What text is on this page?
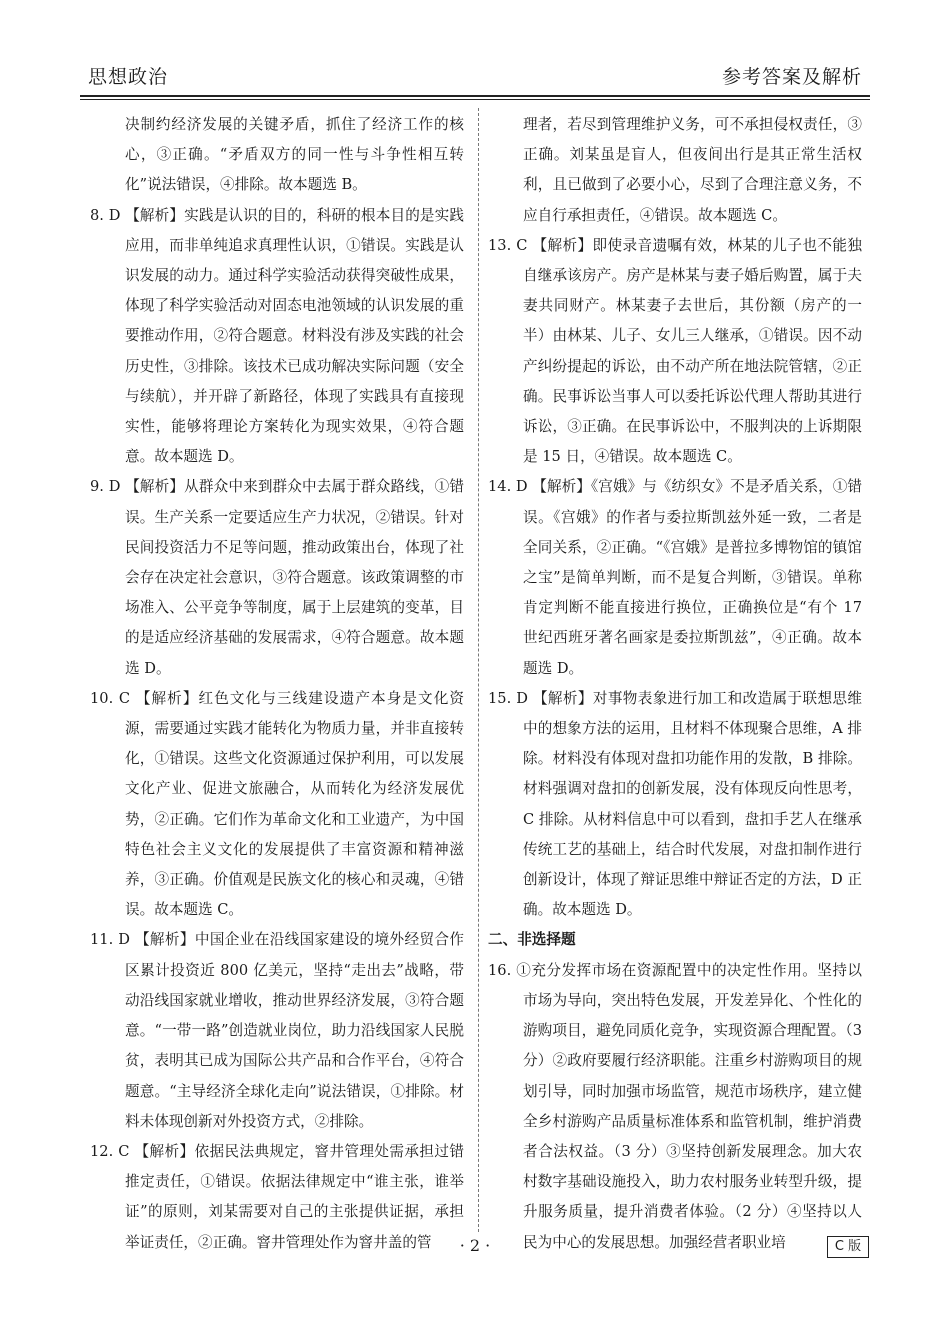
思想政治	参考答案及解析

决制约经济发展的关键矛盾，抓住了经济工作的核心，③正确。“矛盾双方的同一性与斗争性相互转化”说法错误，④排除。故本题选 B。

8. D 【解析】实践是认识的目的，科研的根本目的是实践应用，而非单纯追求真理性认识，①错误。实践是认识发展的动力。通过科学实验活动获得突破性成果，体现了科学实验活动对固态电池领域的认识发展的重要推动作用，②符合题意。材料没有涉及实践的社会历史性，③排除。该技术已成功解决实际问题（安全与续航），并开辟了新路径，体现了实践具有直接现实性，能够将理论方案转化为现实效果，④符合题意。故本题选 D。

9. D 【解析】从群众中来到群众中去属于群众路线，①错误。生产关系一定要适应生产力状况，②错误。针对民间投资活力不足等问题，推动政策出台，体现了社会存在决定社会意识，③符合题意。该政策调整的市场准入、公平竞争等制度，属于上层建筑的变革，目的是适应经济基础的发展需求，④符合题意。故本题选 D。

10. C 【解析】红色文化与三线建设遗产本身是文化资源，需要通过实践才能转化为物质力量，并非直接转化，①错误。这些文化资源通过保护利用，可以发展文化产业、促进文旅融合，从而转化为经济发展优势，②正确。它们作为革命文化和工业遗产，为中国特色社会主义文化的发展提供了丰富资源和精神滋养，③正确。价值观是民族文化的核心和灵魂，④错误。故本题选 C。

11. D 【解析】中国企业在沿线国家建设的境外经贸合作区累计投资近 800 亿美元，坚持“走出去”战略，带动沿线国家就业增收，推动世界经济发展，③符合题意。“一带一路”创造就业岗位，助力沿线国家人民脱贫，表明其已成为国际公共产品和合作平台，④符合题意。“主导经济全球化走向”说法错误，①排除。材料未体现创新对外投资方式，②排除。

12. C 【解析】依据民法典规定，窨井管理处需承担过错推定责任，①错误。依据法律规定中“谁主张，谁举证”的原则，刘某需要对自己的主张提供证据，承担举证责任，②正确。窨井管理处作为窨井盖的管

理者，若尽到管理维护义务，可不承担侵权责任，③正确。刘某虽是盲人，但夜间出行是其正常生活权利，且已做到了必要小心，尽到了合理注意义务，不应自行承担责任，④错误。故本题选 C。

13. C 【解析】即使录音遗嘱有效，林某的儿子也不能独自继承该房产。房产是林某与妻子婚后购置，属于夫妻共同财产。林某妻子去世后，其份额（房产的一半）由林某、儿子、女儿三人继承，①错误。因不动产纠纷提起的诉讼，由不动产所在地法院管辖，②正确。民事诉讼当事人可以委托诉讼代理人帮助其进行诉讼，③正确。在民事诉讼中，不服判决的上诉期限是 15 日，④错误。故本题选 C。

14. D 【解析】《宫娥》与《纺织女》不是矛盾关系，①错误。《宫娥》的作者与委拉斯凯兹外延一致，二者是全同关系，②正确。“《宫娥》是普拉多博物馆的镇馆之宝”是简单判断，而不是复合判断，③错误。单称肯定判断不能直接进行换位，正确换位是“有个 17 世纪西班牙著名画家是委拉斯凯兹”，④正确。故本题选 D。

15. D 【解析】对事物表象进行加工和改造属于联想思维中的想象方法的运用，且材料不体现聚合思维，A 排除。材料没有体现对盘扣功能作用的发散，B 排除。材料强调对盘扣的创新发展，没有体现反向性思考，C 排除。从材料信息中可以看到，盘扣手艺人在继承传统工艺的基础上，结合时代发展，对盘扣制作进行创新设计，体现了辩证思维中辩证否定的方法，D 正确。故本题选 D。

二、非选择题

16. ①充分发挥市场在资源配置中的决定性作用。坚持以市场为导向，突出特色发展，开发差异化、个性化的游购项目，避免同质化竞争，实现资源合理配置。（3 分）②政府要履行经济职能。注重乡村游购项目的规划引导，同时加强市场监管，规范市场秩序，建立健全乡村游购产品质量标准体系和监管机制，维护消费者合法权益。（3 分）③坚持创新发展理念。加大农村数字基础设施投入，助力农村服务业转型升级，提升服务质量，提升消费者体验。（2 分）④坚持以人民为中心的发展思想。加强经营者职业培

· 2 ·	C 版
